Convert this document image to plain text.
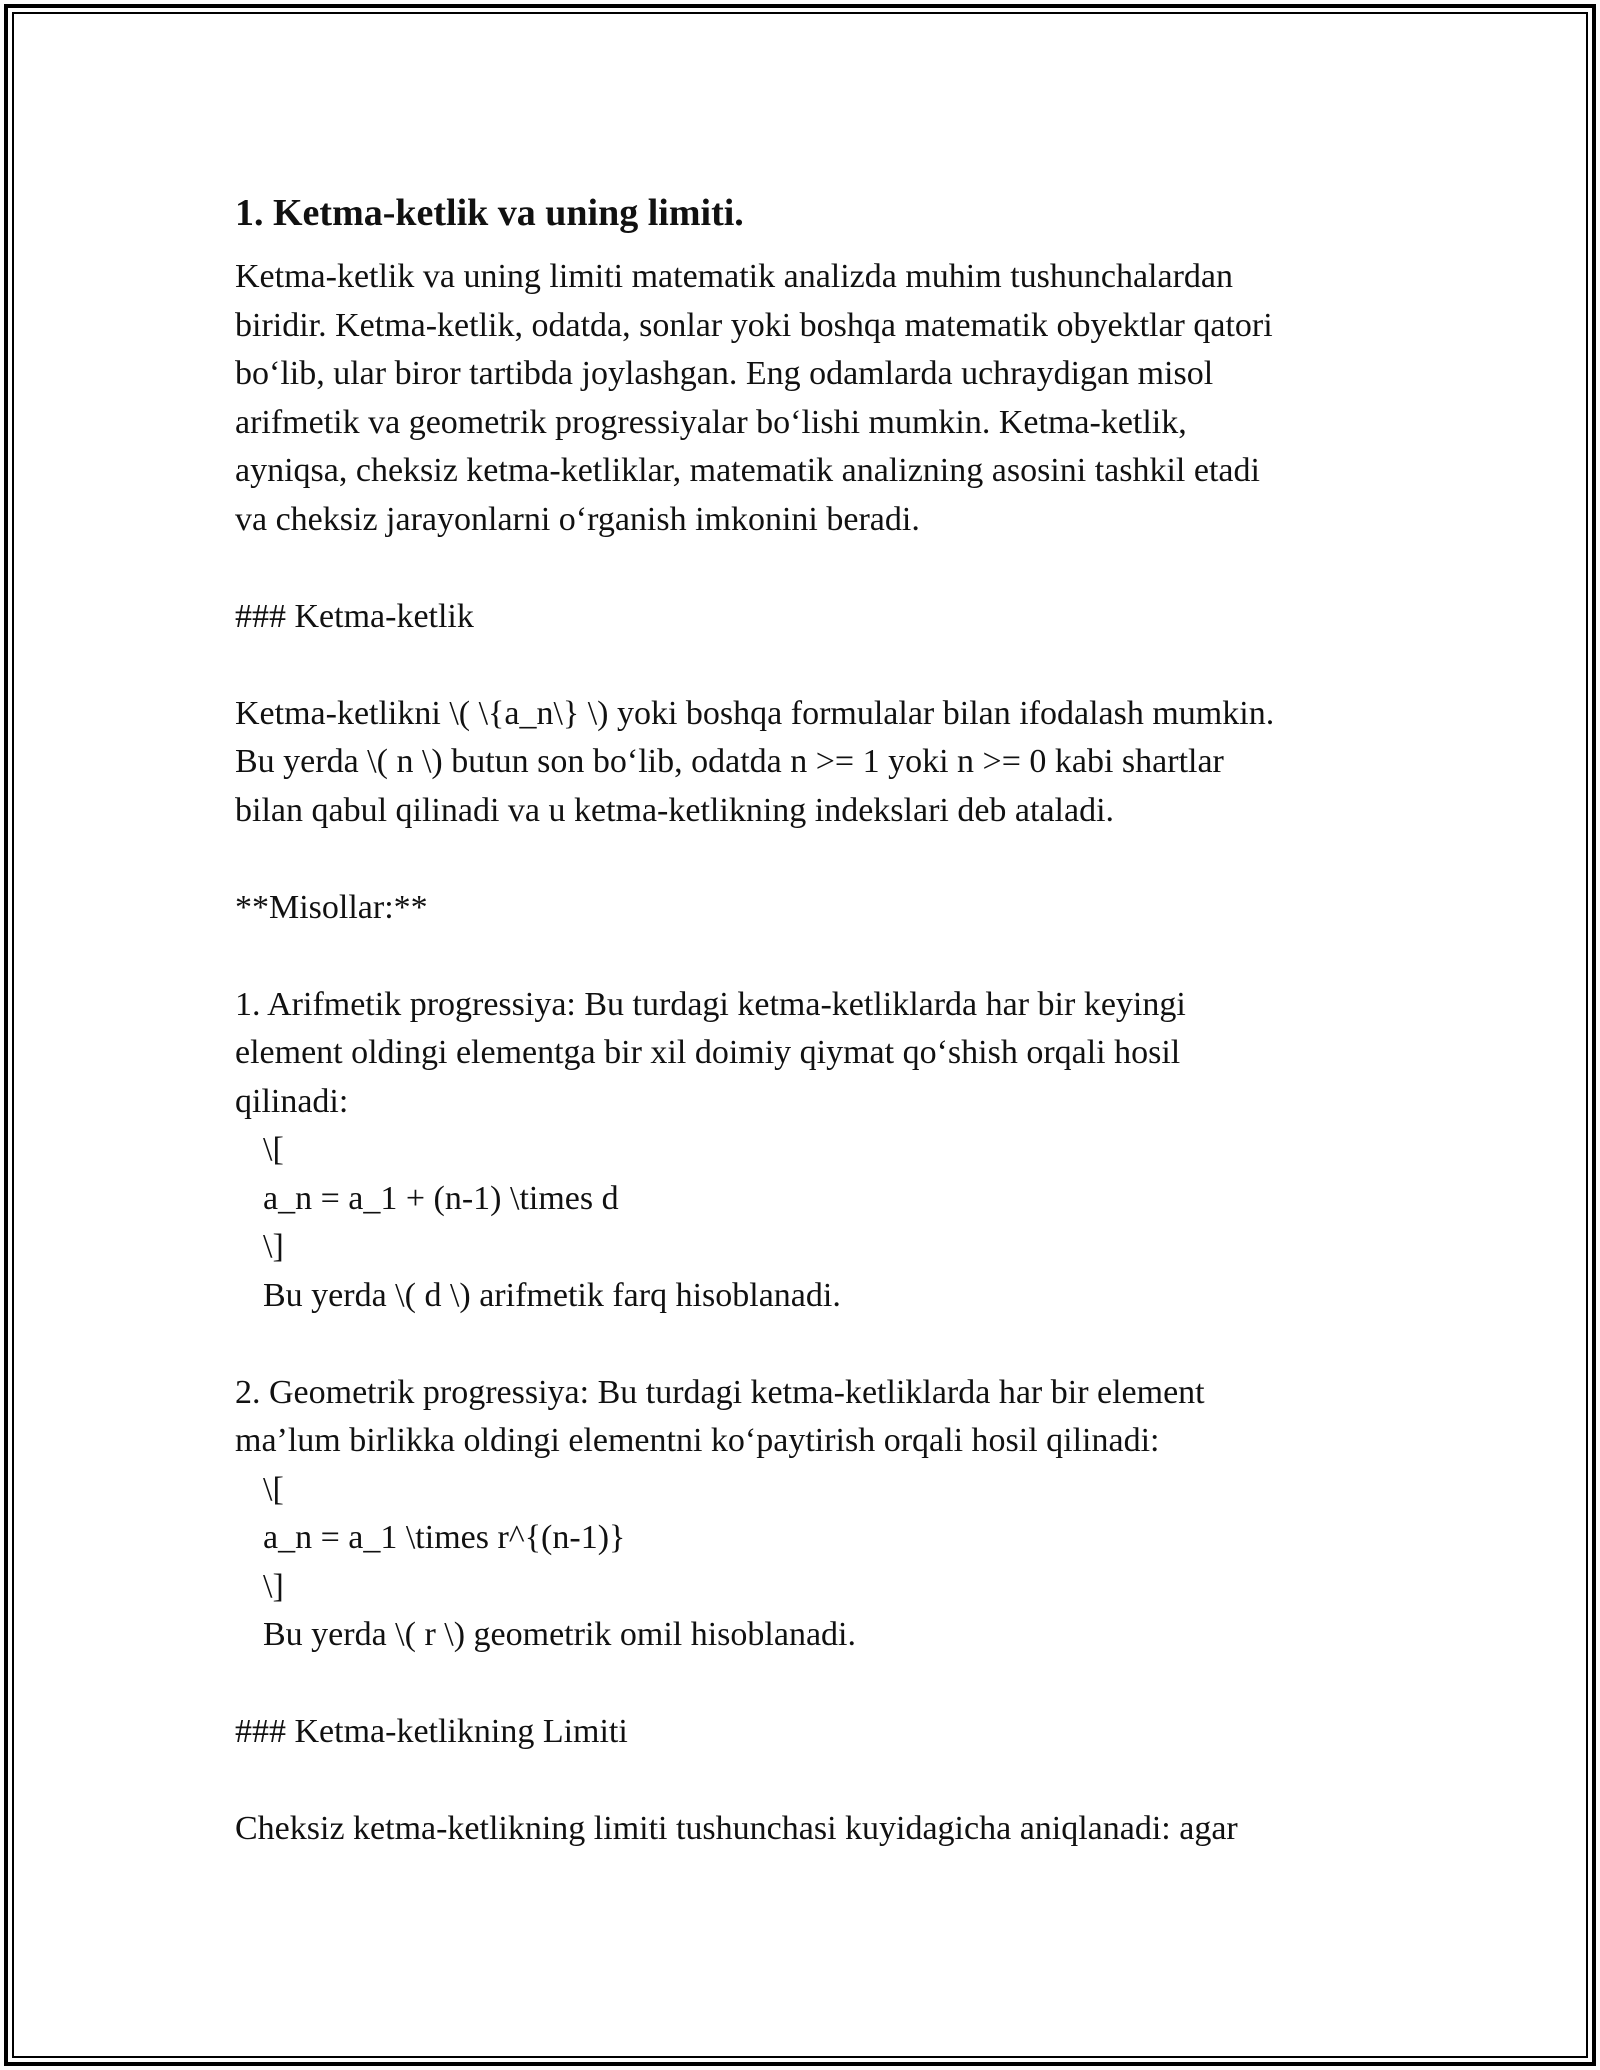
1. Ketma-ketlik va uning limiti.
Ketma-ketlik va uning limiti matematik analizda muhim tushunchalardan
biridir. Ketma-ketlik, odatda, sonlar yoki boshqa matematik obyektlar qatori
bo‘lib, ular biror tartibda joylashgan. Eng odamlarda uchraydigan misol
arifmetik va geometrik progressiyalar bo‘lishi mumkin. Ketma-ketlik,
ayniqsa, cheksiz ketma-ketliklar, matematik analizning asosini tashkil etadi
va cheksiz jarayonlarni o‘rganish imkonini beradi.
### Ketma-ketlik
Ketma-ketlikni \( \{a_n\} \) yoki boshqa formulalar bilan ifodalash mumkin.
Bu yerda \( n \) butun son bo‘lib, odatda n >= 1 yoki n >= 0 kabi shartlar
bilan qabul qilinadi va u ketma-ketlikning indekslari deb ataladi.
**Misollar:**
1. Arifmetik progressiya: Bu turdagi ketma-ketliklarda har bir keyingi
element oldingi elementga bir xil doimiy qiymat qo‘shish orqali hosil
qilinadi:
\[
a_n = a_1 + (n-1) \times d
\]
Bu yerda \( d \) arifmetik farq hisoblanadi.
2. Geometrik progressiya: Bu turdagi ketma-ketliklarda har bir element
ma’lum birlikka oldingi elementni ko‘paytirish orqali hosil qilinadi:
\[
a_n = a_1 \times r^{(n-1)}
\]
Bu yerda \( r \) geometrik omil hisoblanadi.
### Ketma-ketlikning Limiti
Cheksiz ketma-ketlikning limiti tushunchasi kuyidagicha aniqlanadi: agar
